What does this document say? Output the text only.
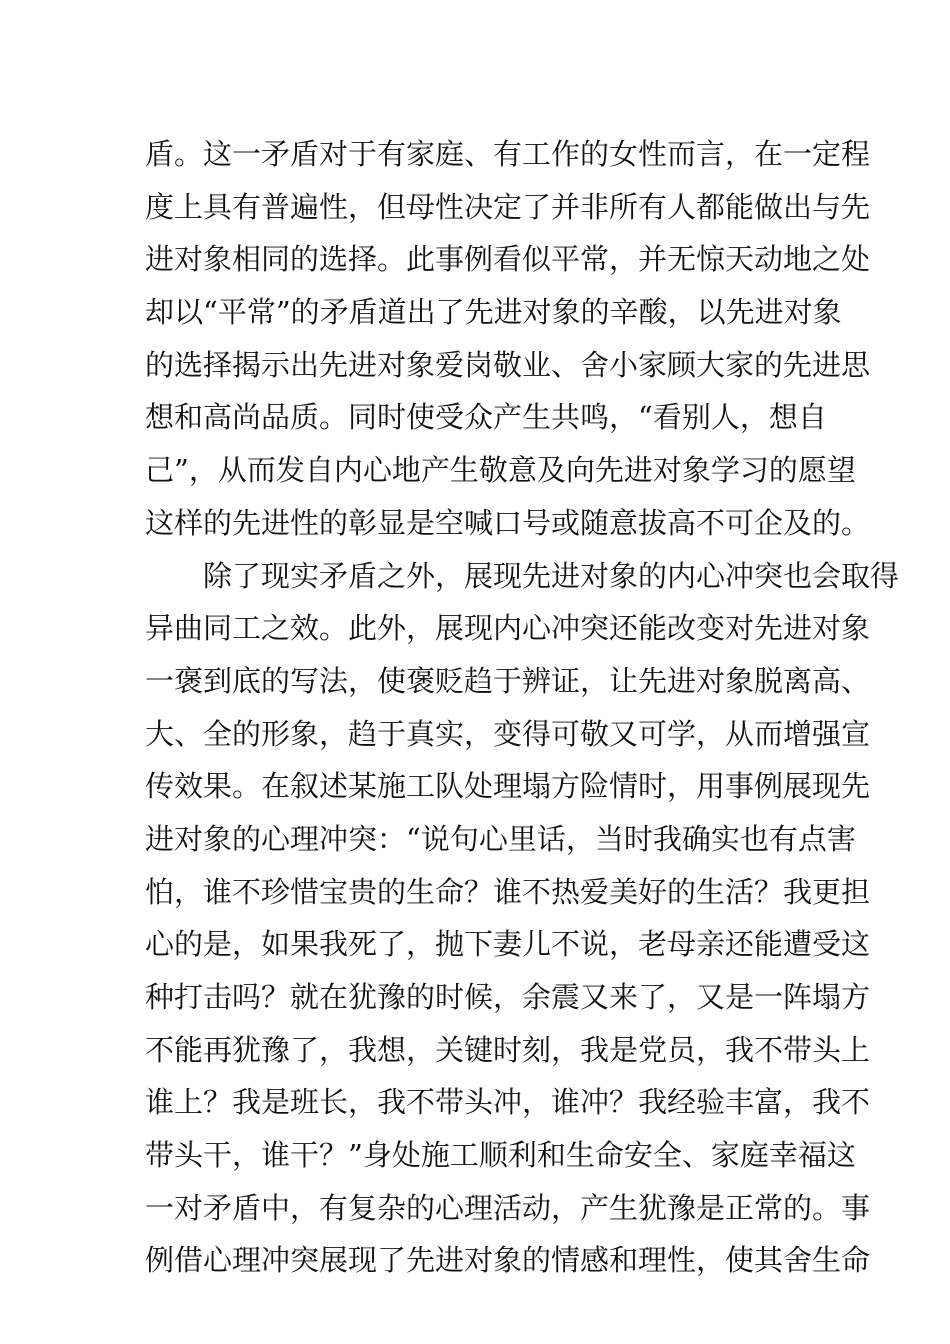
盾。这一矛盾对于有家庭、有工作的女性而言，在一定程
度上具有普遍性，但母性决定了并非所有人都能做出与先
进对象相同的选择。此事例看似平常，并无惊天动地之处
却以“平常”的矛盾道出了先进对象的辛酸，以先进对象
的选择揭示出先进对象爱岗敬业、舍小家顾大家的先进思
想和高尚品质。同时使受众产生共鸣，“看别人，想自
己”，从而发自内心地产生敬意及向先进对象学习的愿望
这样的先进性的彰显是空喊口号或随意拔高不可企及的。
　　除了现实矛盾之外，展现先进对象的内心冲突也会取得
异曲同工之效。此外，展现内心冲突还能改变对先进对象
一褒到底的写法，使褒贬趋于辨证，让先进对象脱离高、
大、全的形象，趋于真实，变得可敬又可学，从而增强宣
传效果。在叙述某施工队处理塌方险情时，用事例展现先
进对象的心理冲突：“说句心里话，当时我确实也有点害
怕，谁不珍惜宝贵的生命？谁不热爱美好的生活？我更担
心的是，如果我死了，抛下妻儿不说，老母亲还能遭受这
种打击吗？就在犹豫的时候，余震又来了，又是一阵塌方
不能再犹豫了，我想，关键时刻，我是党员，我不带头上
谁上？我是班长，我不带头冲，谁冲？我经验丰富，我不
带头干，谁干？”身处施工顺利和生命安全、家庭幸福这
一对矛盾中，有复杂的心理活动，产生犹豫是正常的。事
例借心理冲突展现了先进对象的情感和理性，使其舍生命
